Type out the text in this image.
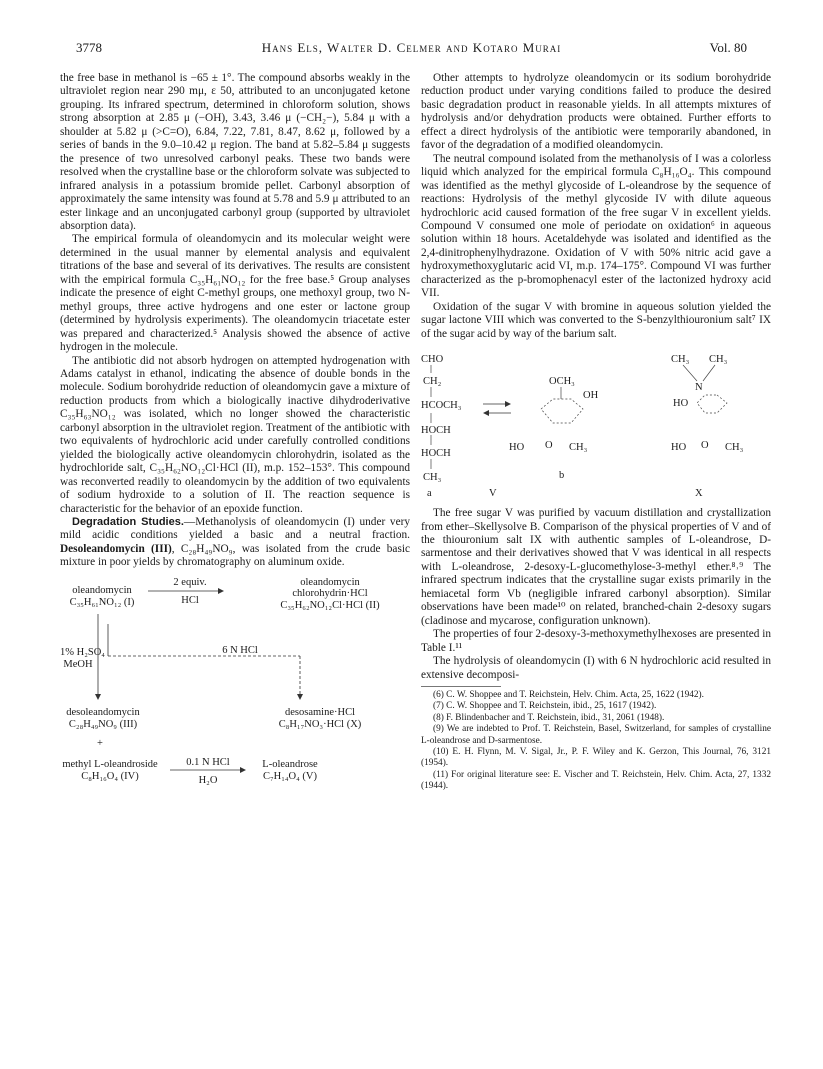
3778	Hans Els, Walter D. Celmer and Kotaro Murai	Vol. 80

the free base in methanol is −65 ± 1°. The compound absorbs weakly in the ultraviolet region near 290 mμ, ε 50, attributed to an unconjugated ketone grouping. Its infrared spectrum, determined in chloroform solution, shows strong absorption at 2.85 μ (−OH), 3.43, 3.46 μ (−CH₂−), 5.84 μ with a shoulder at 5.82 μ (>C=O), 6.84, 7.22, 7.81, 8.47, 8.62 μ, followed by a series of bands in the 9.0–10.42 μ region. The band at 5.82–5.84 μ suggests the presence of two unresolved carbonyl peaks. These two bands were resolved when the crystalline base or the chloroform solvate was subjected to infrared analysis in a potassium bromide pellet. Carbonyl absorption of approximately the same intensity was found at 5.78 and 5.9 μ attributed to an ester linkage and an unconjugated carbonyl group (supported by ultraviolet absorption data).

The empirical formula of oleandomycin and its molecular weight were determined in the usual manner by elemental analysis and equivalent titrations of the base and several of its derivatives. The results are consistent with the empirical formula C₃₅H₆₁NO₁₂ for the free base.⁵ Group analyses indicate the presence of eight C-methyl groups, one methoxyl group, two N-methyl groups, three active hydrogens and one ester or lactone group (determined by hydrolysis experiments). The oleandomycin triacetate ester was prepared and characterized.⁵ Analysis showed the absence of active hydrogen in the molecule.

The antibiotic did not absorb hydrogen on attempted hydrogenation with Adams catalyst in ethanol, indicating the absence of double bonds in the molecule. Sodium borohydride reduction of oleandomycin gave a mixture of reduction products from which a biologically inactive dihydroderivative C₃₅H₆₃NO₁₂ was isolated, which no longer showed the characteristic carbonyl absorption in the ultraviolet region. Treatment of the antibiotic with two equivalents of hydrochloric acid under carefully controlled conditions yielded the biologically active oleandomycin chlorohydrin, isolated as the hydrochloride salt, C₃₅H₆₂NO₁₂Cl·HCl (II), m.p. 152–153°. This compound was reconverted readily to oleandomycin by the addition of two equivalents of sodium hydroxide to a solution of II. The reaction sequence is characteristic for the behavior of an epoxide function.

Degradation Studies.—Methanolysis of oleandomycin (I) under very mild acidic conditions yielded a basic and a neutral fraction. Desoleandomycin (III), C₂₈H₄₉NO₉, was isolated from the crude basic mixture in poor yields by chromatography on aluminum oxide.

oleandomycin
C₃₅H₆₁NO₁₂ (I)
2 equiv.
HCl
oleandomycin
chlorohydrin·HCl
C₃₅H₆₂NO₁₂Cl·HCl (II)
1% H₂SO₄
MeOH
6 N HCl
desoleandomycin
C₂₈H₄₉NO₉ (III)
desosamine·HCl
C₈H₁₇NO₃·HCl (X)
+
methyl L-oleandroside
C₈H₁₆O₄ (IV)
0.1 N HCl
H₂O
L-oleandrose
C₇H₁₄O₄ (V)

Other attempts to hydrolyze oleandomycin or its sodium borohydride reduction product under varying conditions failed to produce the desired basic degradation product in reasonable yields. In all attempts mixtures of hydrolysis and/or dehydration products were obtained. Further efforts to effect a direct hydrolysis of the antibiotic were temporarily abandoned, in favor of the degradation of a modified oleandomycin.

The neutral compound isolated from the methanolysis of I was a colorless liquid which analyzed for the empirical formula C₈H₁₆O₄. This compound was identified as the methyl glycoside of L-oleandrose by the sequence of reactions: Hydrolysis of the methyl glycoside IV with dilute aqueous hydrochloric acid caused formation of the free sugar V in excellent yields. Compound V consumed one mole of periodate on oxidation⁶ in aqueous solution within 18 hours. Acetaldehyde was isolated and identified as the 2,4-dinitrophenylhydrazone. Oxidation of V with 50% nitric acid gave a hydroxymethoxyglutaric acid VI, m.p. 174–175°. Compound VI was further characterized as the p-bromophenacyl ester of the lactonized hydroxy acid VII.

Oxidation of the sugar V with bromine in aqueous solution yielded the sugar lactone VIII which was converted to the S-benzylthiouronium salt⁷ IX of the sugar acid by way of the barium salt.

CHO
CH₂
HCOCH₃
HOCH
HOCH
CH₃
OCH₃
OH
HO O CH₃
CH₃ CH₃
N
HO
HO O CH₃
a	V
b
X

The free sugar V was purified by vacuum distillation and crystallization from ether–Skellysolve B. Comparison of the physical properties of V and of the thiouronium salt IX with authentic samples of L-oleandrose, D-sarmentose and their derivatives showed that V was identical in all respects with L-oleandrose, 2-desoxy-L-glucomethylose-3-methyl ether.⁸˒⁹ The infrared spectrum indicates that the crystalline sugar exists primarily in the hemiacetal form Vb (negligible infrared carbonyl absorption). Similar observations have been made¹⁰ on related, branched-chain 2-desoxy sugars (cladinose and mycarose, configuration unknown).

The properties of four 2-desoxy-3-methoxymethylhexoses are presented in Table I.¹¹

The hydrolysis of oleandomycin (I) with 6 N hydrochloric acid resulted in extensive decomposi-

(6) C. W. Shoppee and T. Reichstein, Helv. Chim. Acta, 25, 1622 (1942).

(7) C. W. Shoppee and T. Reichstein, ibid., 25, 1617 (1942).

(8) F. Blindenbacher and T. Reichstein, ibid., 31, 2061 (1948).

(9) We are indebted to Prof. T. Reichstein, Basel, Switzerland, for samples of crystalline L-oleandrose and D-sarmentose.

(10) E. H. Flynn, M. V. Sigal, Jr., P. F. Wiley and K. Gerzon, This Journal, 76, 3121 (1954).

(11) For original literature see: E. Vischer and T. Reichstein, Helv. Chim. Acta, 27, 1332 (1944).
